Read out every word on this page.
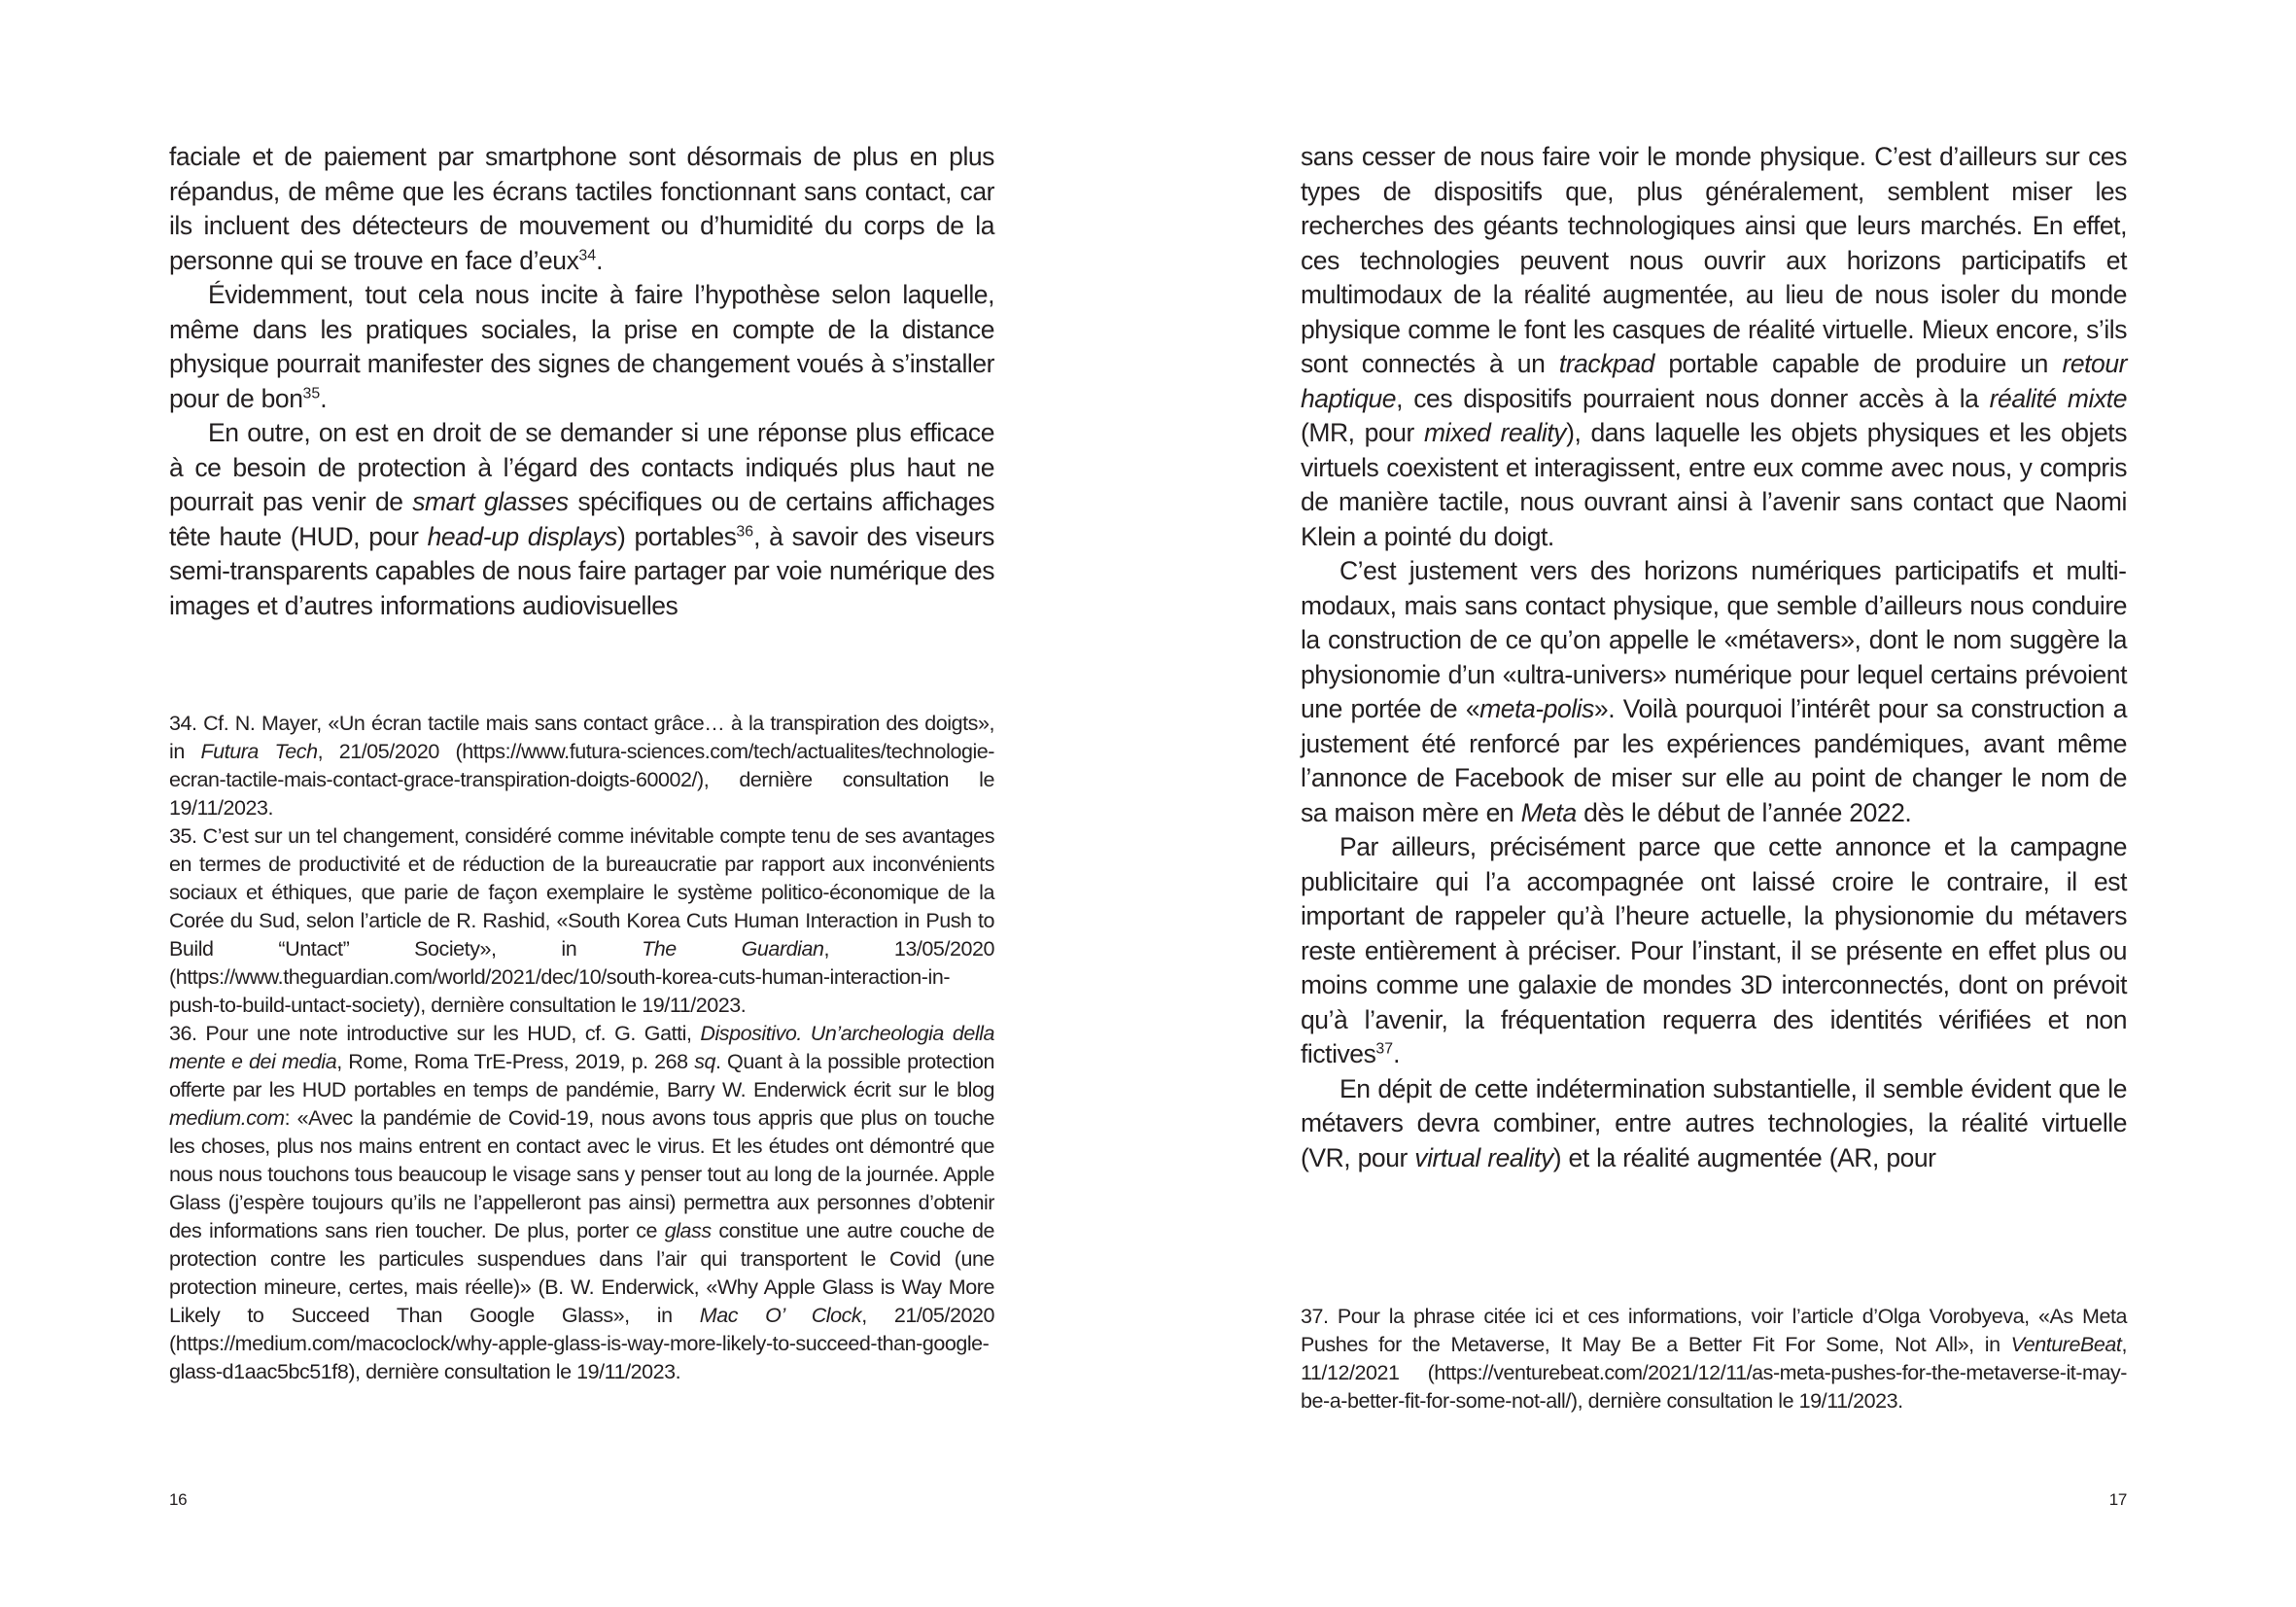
faciale et de paiement par smartphone sont désormais de plus en plus répandus, de même que les écrans tactiles fonctionnant sans contact, car ils incluent des détecteurs de mouvement ou d’humidité du corps de la personne qui se trouve en face d’eux$^{34}$.

Évidemment, tout cela nous incite à faire l’hypothèse selon laquelle, même dans les pratiques sociales, la prise en compte de la distance physique pourrait manifester des signes de changement voués à s’installer pour de bon$^{35}$.

En outre, on est en droit de se demander si une réponse plus efficace à ce besoin de protection à l’égard des contacts indiqués plus haut ne pourrait pas venir de smart glasses spécifiques ou de certains affichages tête haute (HUD, pour head-up displays) portables$^{36}$, à savoir des viseurs semi-transparents capables de nous faire partager par voie numérique des images et d’autres informations audiovisuelles

34. Cf. N. Mayer, «Un écran tactile mais sans contact grâce… à la transpiration des doigts», in Futura Tech, 21/05/2020 (https://www.futura-sciences.com/tech/actualites/technologie-ecran-tactile-mais-contact-grace-transpiration-doigts-60002/), dernière consultation le 19/11/2023.

35. C’est sur un tel changement, considéré comme inévitable compte tenu de ses avantages en termes de productivité et de réduction de la bureaucratie par rapport aux inconvénients sociaux et éthiques, que parie de façon exemplaire le système politico-économique de la Corée du Sud, selon l’article de R. Rashid, «South Korea Cuts Human Interaction in Push to Build “Untact” Society», in The Guardian, 13/05/2020 (https://www.theguardian.com/world/2021/dec/​10/south-korea-cuts-human-interaction-in-push-to-build-untact-society), dernière consultation le 19/11/2023.

36. Pour une note introductive sur les HUD, cf. G. Gatti, Dispositivo. Un’archeologia della mente e dei media, Rome, Roma TrE-Press, 2019, p. 268 sq. Quant à la possible protection offerte par les HUD portables en temps de pandémie, Barry W. Enderwick écrit sur le blog medium.com: «Avec la pandémie de Covid-19, nous avons tous appris que plus on touche les choses, plus nos mains entrent en contact avec le virus. Et les études ont démontré que nous nous touchons tous beaucoup le visage sans y penser tout au long de la journée. Apple Glass (j’espère toujours qu’ils ne l’appelleront pas ainsi) permettra aux personnes d’obtenir des informations sans rien toucher. De plus, porter ce glass constitue une autre couche de protection contre les particules suspendues dans l’air qui transportent le Covid (une protection mineure, certes, mais réelle)» (B. W. Enderwick, «Why Apple Glass is Way More Likely to Succeed Than Google Glass», in Mac O’ Clock, 21/05/2020 (https://medium.com/macoclock/​why-apple-glass-is-way-more-likely-to-succeed-than-google-glass-d1aac5bc51f8), dernière consultation le 19/11/2023.

16

sans cesser de nous faire voir le monde physique. C’est d’ailleurs sur ces types de dispositifs que, plus généralement, semblent miser les recherches des géants technologiques ainsi que leurs marchés. En effet, ces technologies peuvent nous ouvrir aux horizons participatifs et multimodaux de la réalité augmentée, au lieu de nous isoler du monde physique comme le font les casques de réalité virtuelle. Mieux encore, s’ils sont connectés à un trackpad portable capable de produire un retour haptique, ces dispositifs pourraient nous donner accès à la réalité mixte (MR, pour mixed reality), dans laquelle les objets physiques et les objets virtuels coexistent et interagissent, entre eux comme avec nous, y compris de manière tactile, nous ouvrant ainsi à l’avenir sans contact que Naomi Klein a pointé du doigt.

C’est justement vers des horizons numériques participatifs et multimodaux, mais sans contact physique, que semble d’ailleurs nous conduire la construction de ce qu’on appelle le «métavers», dont le nom suggère la physionomie d’un «ultra-univers» numérique pour lequel certains prévoient une portée de «meta-polis». Voilà pourquoi l’intérêt pour sa construction a justement été renforcé par les expériences pandémiques, avant même l’annonce de Facebook de miser sur elle au point de changer le nom de sa maison mère en Meta dès le début de l’année 2022.

Par ailleurs, précisément parce que cette annonce et la campagne publicitaire qui l’a accompagnée ont laissé croire le contraire, il est important de rappeler qu’à l’heure actuelle, la physionomie du métavers reste entièrement à préciser. Pour l’instant, il se présente en effet plus ou moins comme une galaxie de mondes 3D interconnectés, dont on prévoit qu’à l’avenir, la fréquentation requerra des identités vérifiées et non fictives$^{37}$.

En dépit de cette indétermination substantielle, il semble évident que le métavers devra combiner, entre autres technologies, la réalité virtuelle (VR, pour virtual reality) et la réalité augmentée (AR, pour

37. Pour la phrase citée ici et ces informations, voir l’article d’Olga Vorobyeva, «As Meta Pushes for the Metaverse, It May Be a Better Fit For Some, Not All», in VentureBeat, 11/12/2021 (https://venturebeat.com/2021/12/11/as-meta-pushes-​for-the-metaverse-it-may-be-a-better-fit-for-some-not-all/), dernière consultation le 19/11/2023.

17
